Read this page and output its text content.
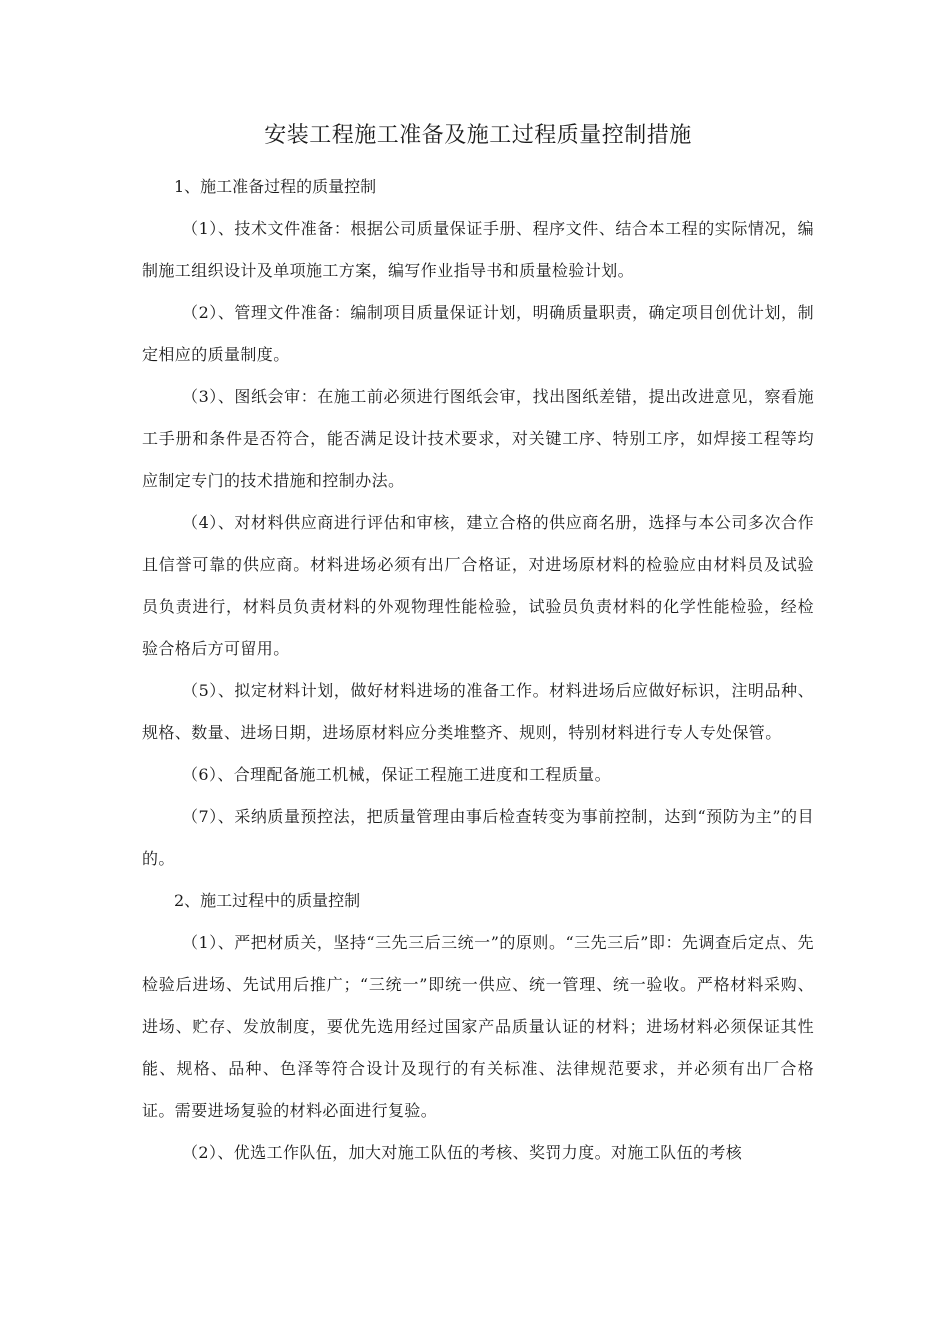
安装工程施工准备及施工过程质量控制措施
1、施工准备过程的质量控制

（1）、技术文件准备：根据公司质量保证手册、程序文件、结合本工程的实际情况，编制施工组织设计及单项施工方案，编写作业指导书和质量检验计划。

（2）、管理文件准备：编制项目质量保证计划，明确质量职责，确定项目创优计划，制定相应的质量制度。

（3）、图纸会审：在施工前必须进行图纸会审，找出图纸差错，提出改进意见，察看施工手册和条件是否符合，能否满足设计技术要求，对关键工序、特别工序，如焊接工程等均应制定专门的技术措施和控制办法。

（4）、对材料供应商进行评估和审核，建立合格的供应商名册，选择与本公司多次合作且信誉可靠的供应商。材料进场必须有出厂合格证，对进场原材料的检验应由材料员及试验员负责进行，材料员负责材料的外观物理性能检验，试验员负责材料的化学性能检验，经检验合格后方可留用。

（5）、拟定材料计划，做好材料进场的准备工作。材料进场后应做好标识，注明品种、规格、数量、进场日期，进场原材料应分类堆整齐、规则，特别材料进行专人专处保管。

（6）、合理配备施工机械，保证工程施工进度和工程质量。

（7）、采纳质量预控法，把质量管理由事后检查转变为事前控制，达到“预防为主”的目的。

2、施工过程中的质量控制

（1）、严把材质关，坚持“三先三后三统一”的原则。“三先三后”即：先调查后定点、先检验后进场、先试用后推广；“三统一”即统一供应、统一管理、统一验收。严格材料采购、进场、贮存、发放制度，要优先选用经过国家产品质量认证的材料；进场材料必须保证其性能、规格、品种、色泽等符合设计及现行的有关标准、法律规范要求，并必须有出厂合格证。需要进场复验的材料必面进行复验。

（2）、优选工作队伍，加大对施工队伍的考核、奖罚力度。对施工队伍的考核
